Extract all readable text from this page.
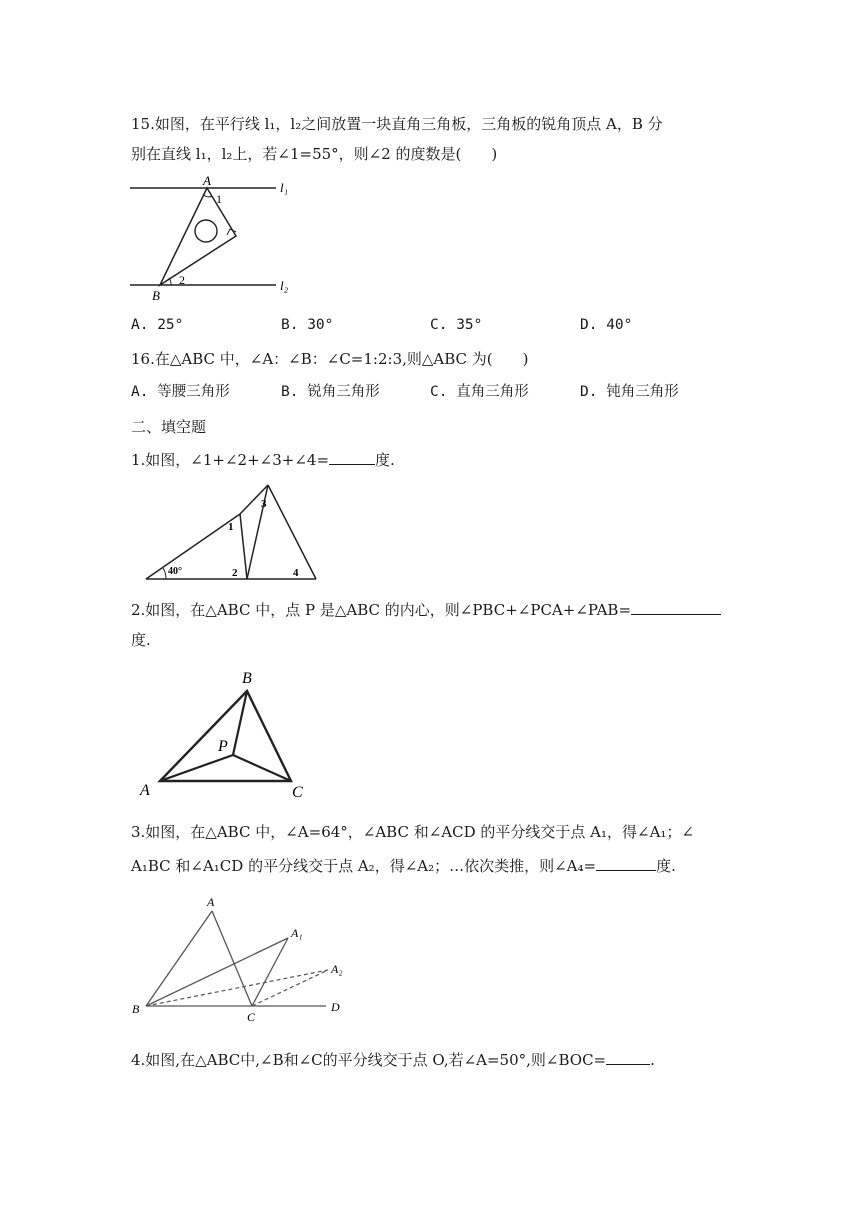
15.如图，在平行线 l₁，l₂之间放置一块直角三角板，三角板的锐角顶点 A，B 分
别在直线 l₁，l₂上，若∠1=55°，则∠2 的度数是(　　)
A
1
2
B
l₁
l₂
A. 25°	B. 30°	C. 35°	D. 40°
16.在△ABC 中，∠A：∠B：∠C=1:2:3,则△ABC 为(　　)
A. 等腰三角形	B. 锐角三角形	C. 直角三角形	D. 钝角三角形
二、填空题
1.如图，∠1+∠2+∠3+∠4=	度.
40°
1
2
3
4
2.如图，在△ABC 中，点 P 是△ABC 的内心，则∠PBC+∠PCA+∠PAB=
度.
B
P
A	C
3.如图，在△ABC 中，∠A=64°，∠ABC 和∠ACD 的平分线交于点 A₁，得∠A₁；∠
A₁BC 和∠A₁CD 的平分线交于点 A₂，得∠A₂；…依次类推，则∠A₄=	度.
A
A₁
A₂
B
C
D
4.如图,在△ABC中,∠B和∠C的平分线交于点 O,若∠A=50°,则∠BOC=	.
